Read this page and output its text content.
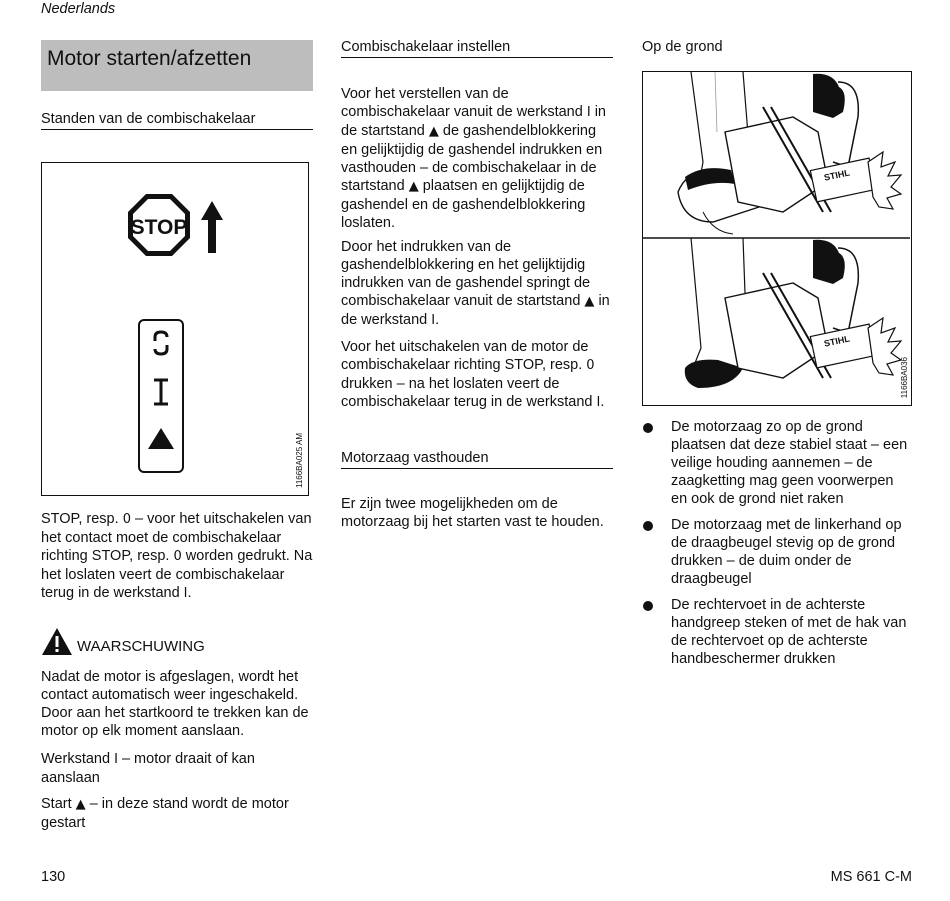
Nederlands
Motor starten/afzetten
Standen van de combischakelaar
STOP
1166BA025 AM

STOP, resp. 0 – voor het uitschakelen van het contact moet de combischakelaar richting STOP, resp. 0 worden gedrukt. Na het loslaten veert de combischakelaar terug in de werkstand I.

WAARSCHUWING

Nadat de motor is afgeslagen, wordt het contact automatisch weer ingeschakeld. Door aan het startkoord te trekken kan de motor op elk moment aanslaan.

Werkstand I – motor draait of kan aanslaan

Start ▲ – in deze stand wordt de motor gestart

Combischakelaar instellen

Voor het verstellen van de combischakelaar vanuit de werkstand I in de startstand ▲ de gashendelblokkering en gelijktijdig de gashendel indrukken en vasthouden – de combischakelaar in de startstand ▲ plaatsen en gelijktijdig de gashendel en de gashendelblokkering loslaten.

Door het indrukken van de gashendelblokkering en het gelijktijdig indrukken van de gashendel springt de combischakelaar vanuit de startstand ▲ in de werkstand I.

Voor het uitschakelen van de motor de combischakelaar richting STOP, resp. 0 drukken – na het loslaten veert de combischakelaar terug in de werkstand I.

Motorzaag vasthouden

Er zijn twee mogelijkheden om de motorzaag bij het starten vast te houden.

Op de grond
STIHL
STIHL
1166BA036
De motorzaag zo op de grond plaatsen dat deze stabiel staat – een veilige houding aannemen – de zaagketting mag geen voorwerpen en ook de grond niet raken
De motorzaag met de linkerhand op de draagbeugel stevig op de grond drukken – de duim onder de draagbeugel
De rechtervoet in de achterste handgreep steken of met de hak van de rechtervoet op de achterste handbeschermer drukken
130	MS 661 C-M
